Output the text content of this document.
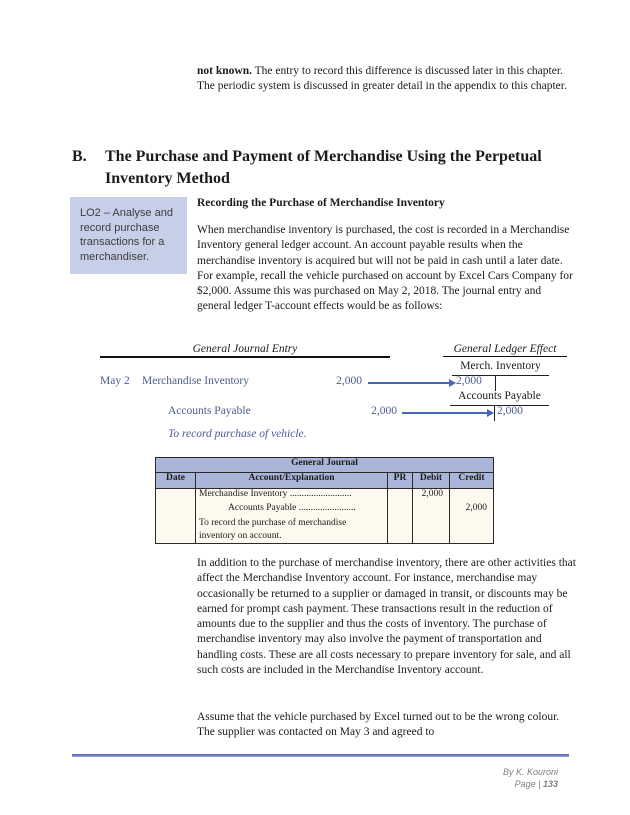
not known. The entry to record this difference is discussed later in this chapter. The periodic system is discussed in greater detail in the appendix to this chapter.
B.	The Purchase and Payment of Merchandise Using the Perpetual Inventory Method
LO2 – Analyse and record purchase transactions for a merchandiser.
Recording the Purchase of Merchandise Inventory
When merchandise inventory is purchased, the cost is recorded in a Merchandise Inventory general ledger account. An account payable results when the merchandise inventory is acquired but will not be paid in cash until a later date. For example, recall the vehicle purchased on account by Excel Cars Company for $2,000. Assume this was purchased on May 2, 2018. The journal entry and general ledger T-account effects would be as follows:
General Journal Entry	General Ledger Effect
Merch. Inventory
May 2 Merchandise Inventory	2,000	2,000
Accounts Payable
Accounts Payable	2,000	2,000
To record purchase of vehicle.
General Journal				
Date	Account/Explanation	PR	Debit	Credit
	Merchandise Inventory ..........................		2,000	
	Accounts Payable ........................			2,000
	To record the purchase of merchandise inventory on account.			
In addition to the purchase of merchandise inventory, there are other activities that affect the Merchandise Inventory account. For instance, merchandise may occasionally be returned to a supplier or damaged in transit, or discounts may be earned for prompt cash payment. These transactions result in the reduction of amounts due to the supplier and thus the costs of inventory. The purchase of merchandise inventory may also involve the payment of transportation and handling costs. These are all costs necessary to prepare inventory for sale, and all such costs are included in the Merchandise Inventory account.
Assume that the vehicle purchased by Excel turned out to be the wrong colour. The supplier was contacted on May 3 and agreed to
By K. Kouroni
Page | 133
